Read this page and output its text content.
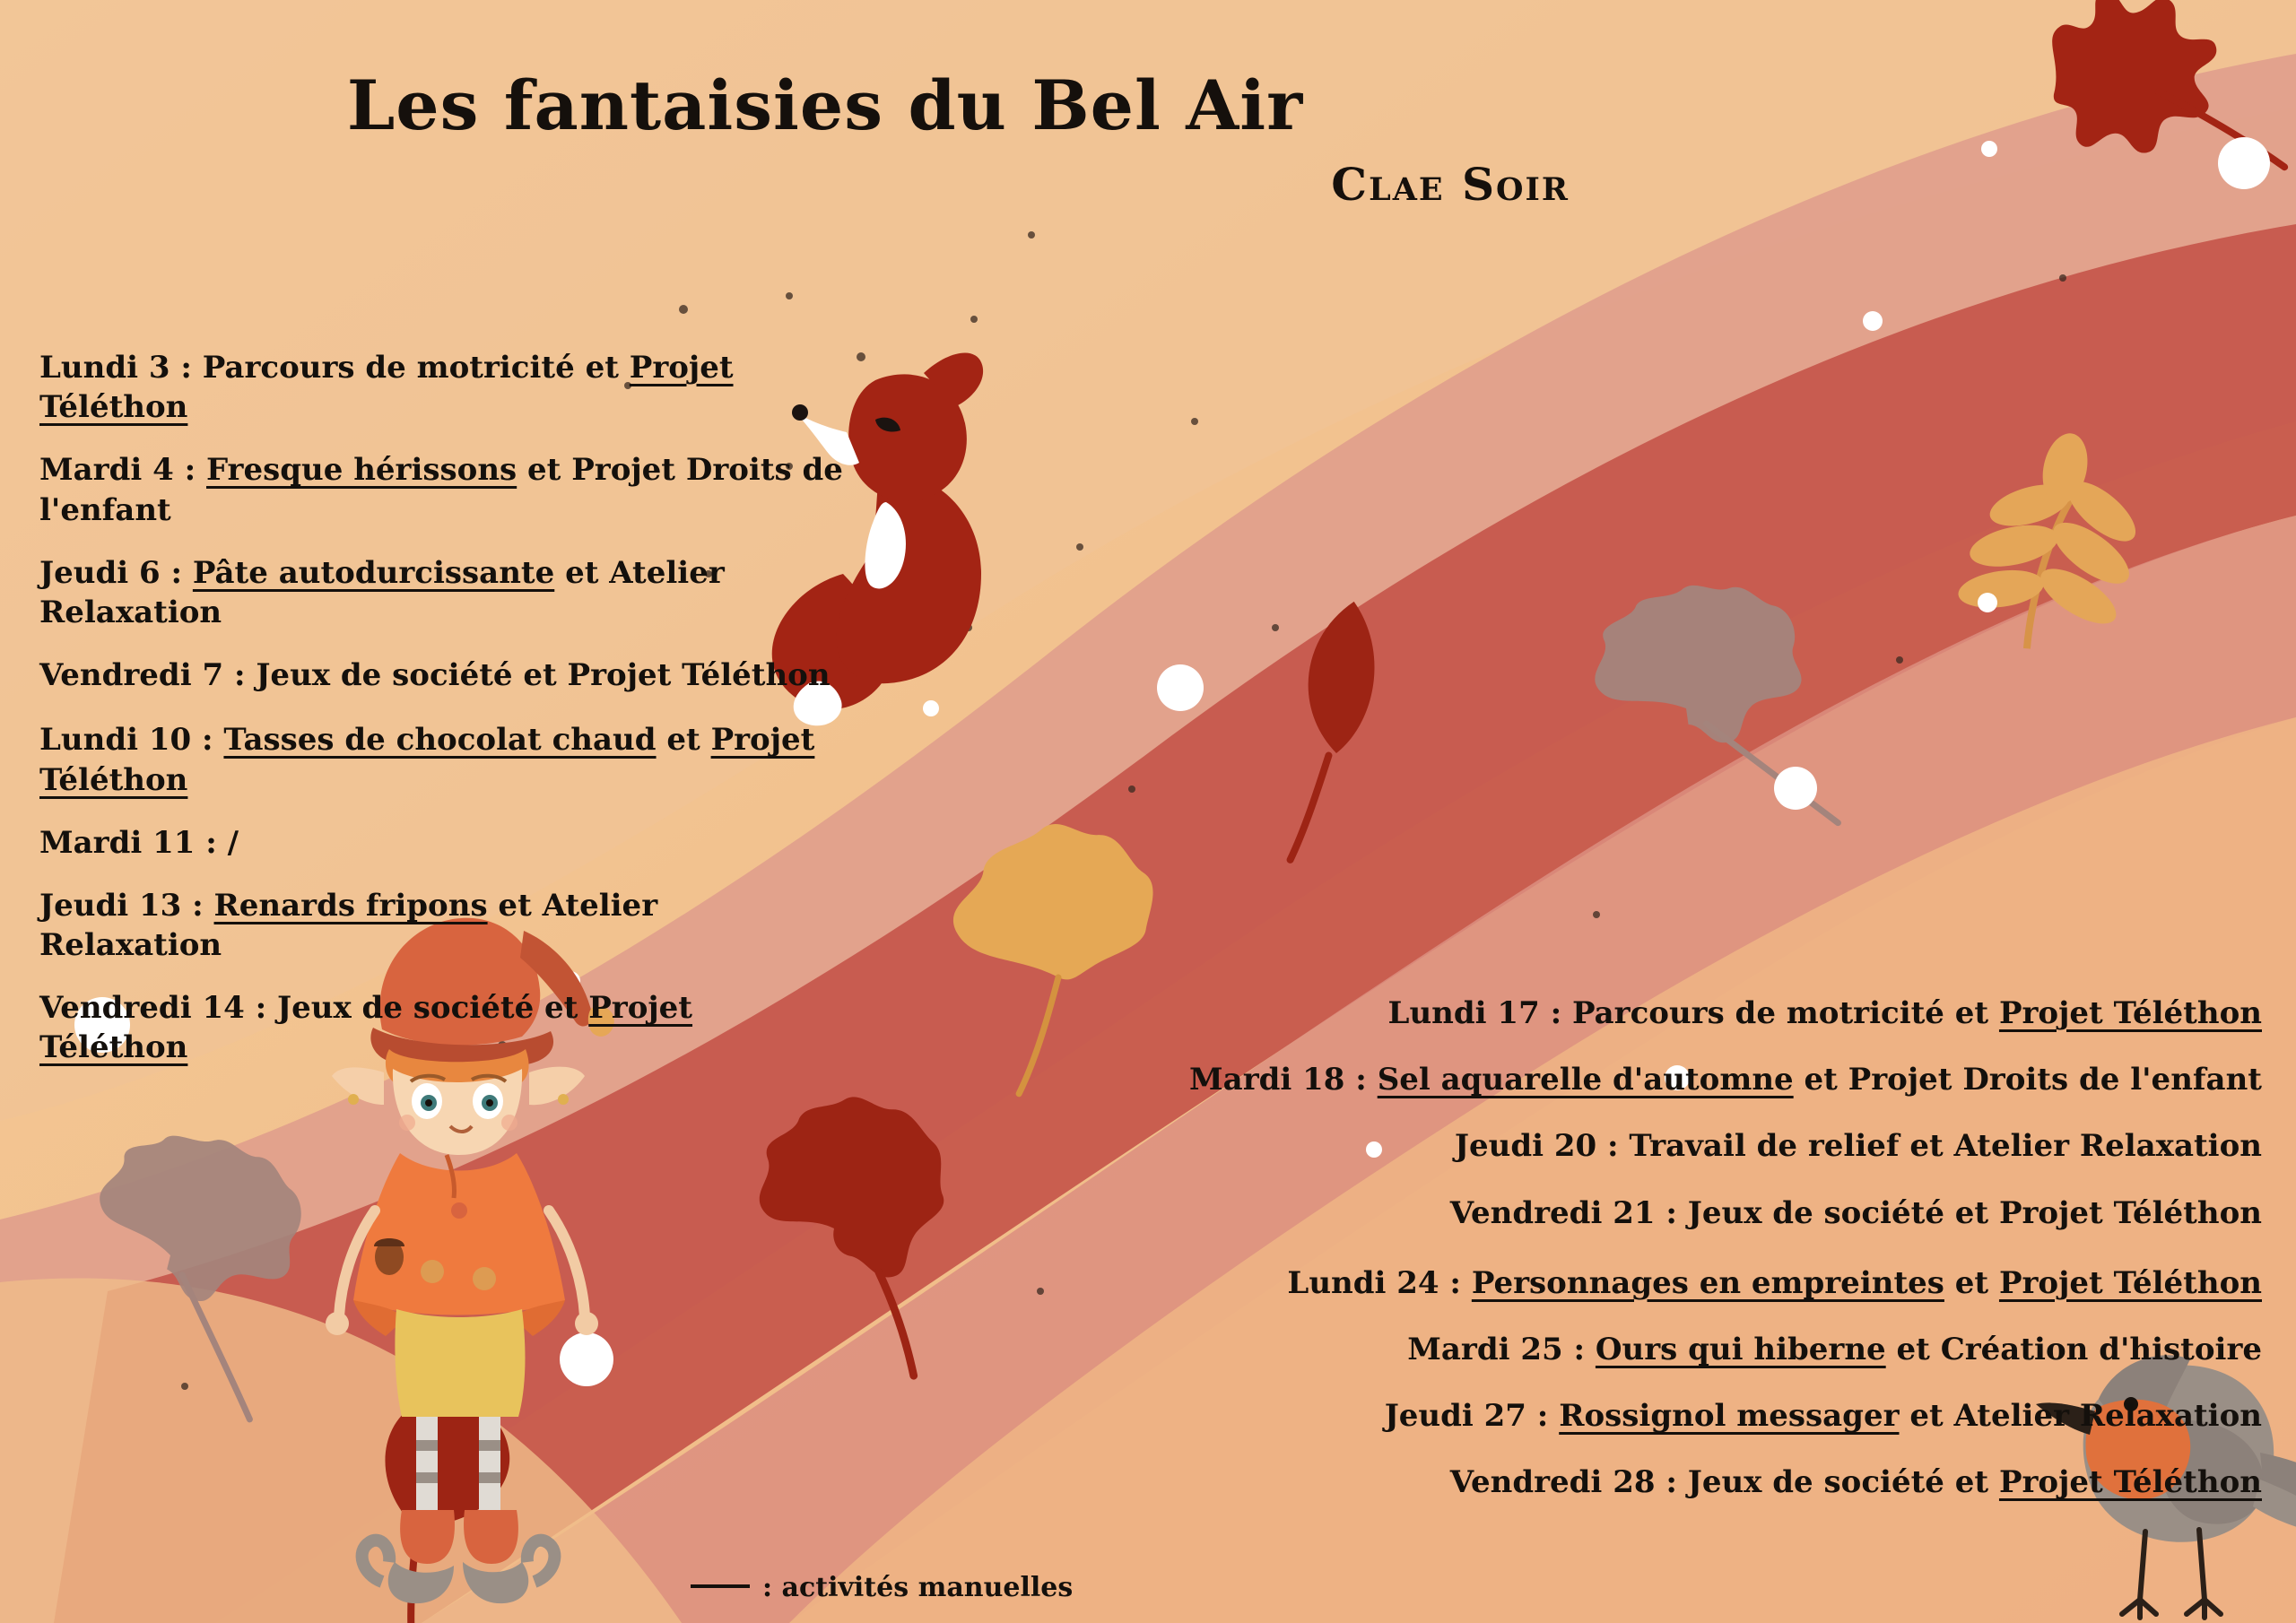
Les fantaisies du Bel Air
Clae Soir

Lundi 3 : Parcours de motricité et Projet Téléthon

Mardi 4 : Fresque hérissons et Projet Droits de l'enfant

Jeudi 6 : Pâte autodurcissante et Atelier Relaxation

Vendredi 7 : Jeux de société et Projet Téléthon

Lundi 10 : Tasses de chocolat chaud et Projet Téléthon

Mardi 11 : /

Jeudi 13 : Renards fripons et Atelier Relaxation

Vendredi 14 : Jeux de société et Projet Téléthon

Lundi 17 : Parcours de motricité et Projet Téléthon

Mardi 18 : Sel aquarelle d'automne et Projet Droits de l'enfant

Jeudi 20 : Travail de relief et Atelier Relaxation

Vendredi 21 : Jeux de société et Projet Téléthon

Lundi 24 : Personnages en empreintes et Projet Téléthon

Mardi 25 : Ours qui hiberne et Création d'histoire

Jeudi 27 : Rossignol messager et Atelier Relaxation

Vendredi 28 : Jeux de société et Projet Téléthon

: activités manuelles
